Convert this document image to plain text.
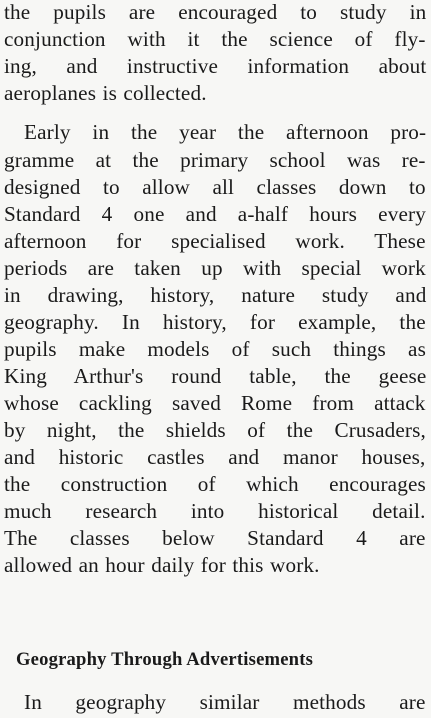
the pupils are encouraged to study in
conjunction with it the science of fly-
ing, and instructive information about
aeroplanes is collected.
Early in the year the afternoon pro-
gramme at the primary school was re-
designed to allow all classes down to
Standard 4 one and a-half hours every
afternoon for specialised work. These
periods are taken up with special work
in drawing, history, nature study and
geography. In history, for example, the
pupils make models of such things as
King Arthur's round table, the geese
whose cackling saved Rome from attack
by night, the shields of the Crusaders,
and historic castles and manor houses,
the construction of which encourages
much research into historical detail.
The classes below Standard 4 are
allowed an hour daily for this work.
Geography Through Advertisements
In geography similar methods are
